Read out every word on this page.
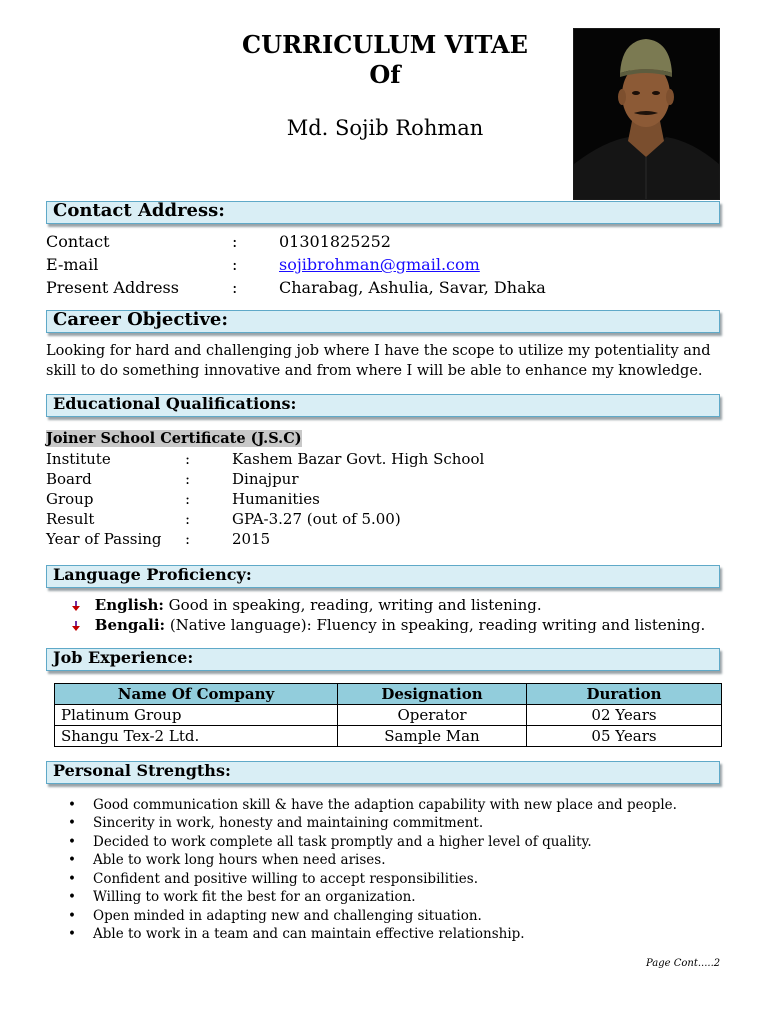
CURRICULUM VITAE
Of
Md. Sojib Rohman
Contact Address:
Contact	:	01301825252
E-mail	:	sojibrohman@gmail.com
Present Address	:	Charabag, Ashulia, Savar, Dhaka
Career Objective:
Looking for hard and challenging job where I have the scope to utilize my potentiality and skill to do something innovative and from where I will be able to enhance my knowledge.
Educational Qualifications:
Joiner School Certificate (J.S.C)
Institute	:	Kashem Bazar Govt. High School
Board	:	Dinajpur
Group	:	Humanities
Result	:	GPA-3.27 (out of 5.00)
Year of Passing :	2015
Language Proficiency:
English: Good in speaking, reading, writing and listening.
Bengali: (Native language): Fluency in speaking, reading writing and listening.
Job Experience:
Name Of Company	Designation	Duration
Platinum Group	Operator	02 Years
Shangu Tex-2 Ltd.	Sample Man	05 Years
Personal Strengths:
• Good communication skill & have the adaption capability with new place and people.
• Sincerity in work, honesty and maintaining commitment.
• Decided to work complete all task promptly and a higher level of quality.
• Able to work long hours when need arises.
• Confident and positive willing to accept responsibilities.
• Willing to work fit the best for an organization.
• Open minded in adapting new and challenging situation.
• Able to work in a team and can maintain effective relationship.
Page Cont.....2
